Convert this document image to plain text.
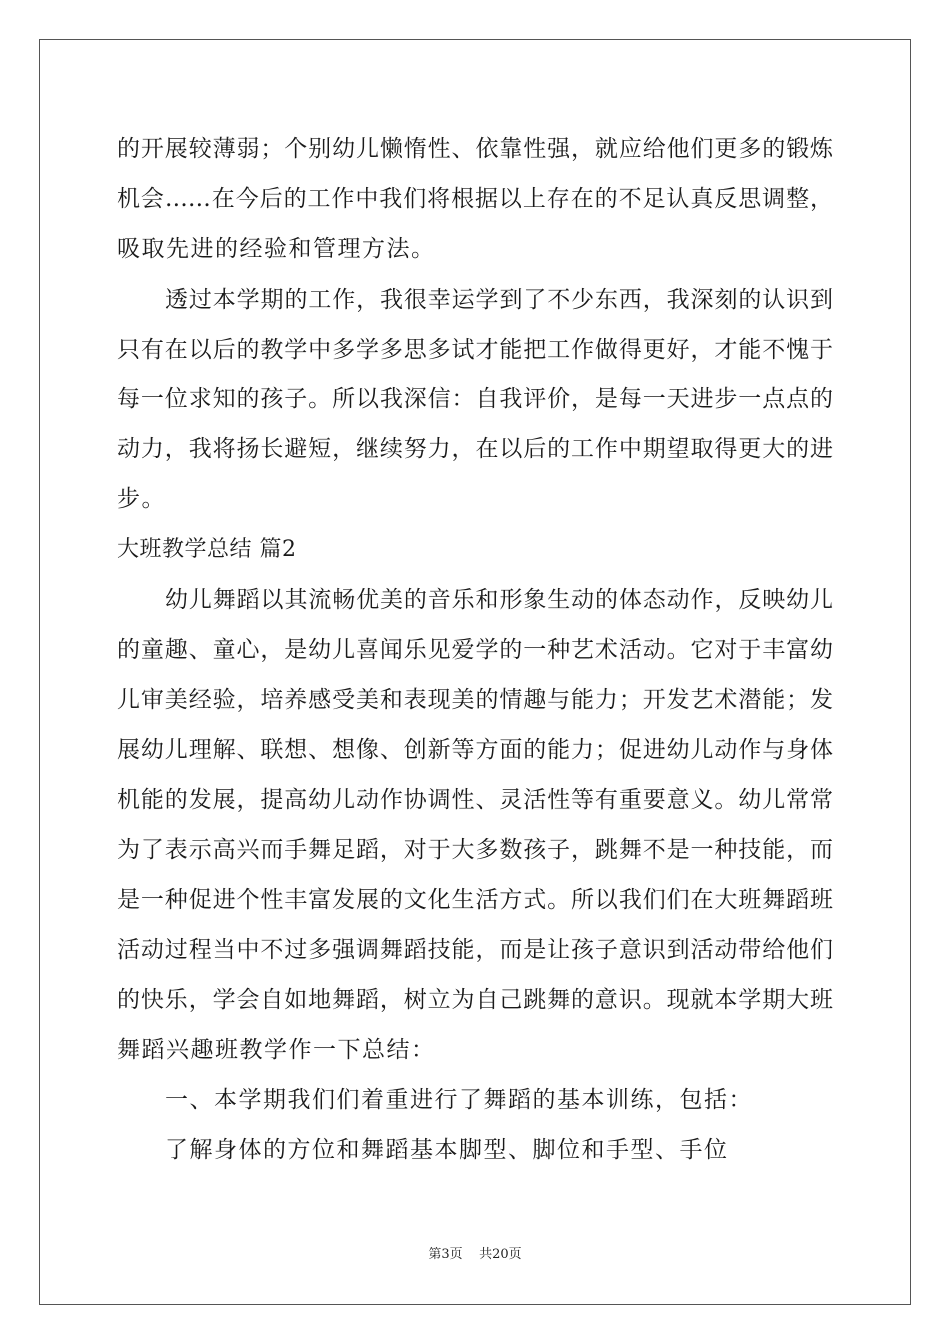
的开展较薄弱；个别幼儿懒惰性、依靠性强，就应给他们更多的锻炼
机会……在今后的工作中我们将根据以上存在的不足认真反思调整，
吸取先进的经验和管理方法。
透过本学期的工作，我很幸运学到了不少东西，我深刻的认识到
只有在以后的教学中多学多思多试才能把工作做得更好，才能不愧于
每一位求知的孩子。所以我深信：自我评价，是每一天进步一点点的
动力，我将扬长避短，继续努力，在以后的工作中期望取得更大的进
步。
大班教学总结 篇2
幼儿舞蹈以其流畅优美的音乐和形象生动的体态动作，反映幼儿
的童趣、童心，是幼儿喜闻乐见爱学的一种艺术活动。它对于丰富幼
儿审美经验，培养感受美和表现美的情趣与能力；开发艺术潜能；发
展幼儿理解、联想、想像、创新等方面的能力；促进幼儿动作与身体
机能的发展，提高幼儿动作协调性、灵活性等有重要意义。幼儿常常
为了表示高兴而手舞足蹈，对于大多数孩子，跳舞不是一种技能，而
是一种促进个性丰富发展的文化生活方式。所以我们们在大班舞蹈班
活动过程当中不过多强调舞蹈技能，而是让孩子意识到活动带给他们
的快乐，学会自如地舞蹈，树立为自己跳舞的意识。现就本学期大班
舞蹈兴趣班教学作一下总结：
一、本学期我们们着重进行了舞蹈的基本训练，包括：
了解身体的方位和舞蹈基本脚型、脚位和手型、手位
第3页    共20页
